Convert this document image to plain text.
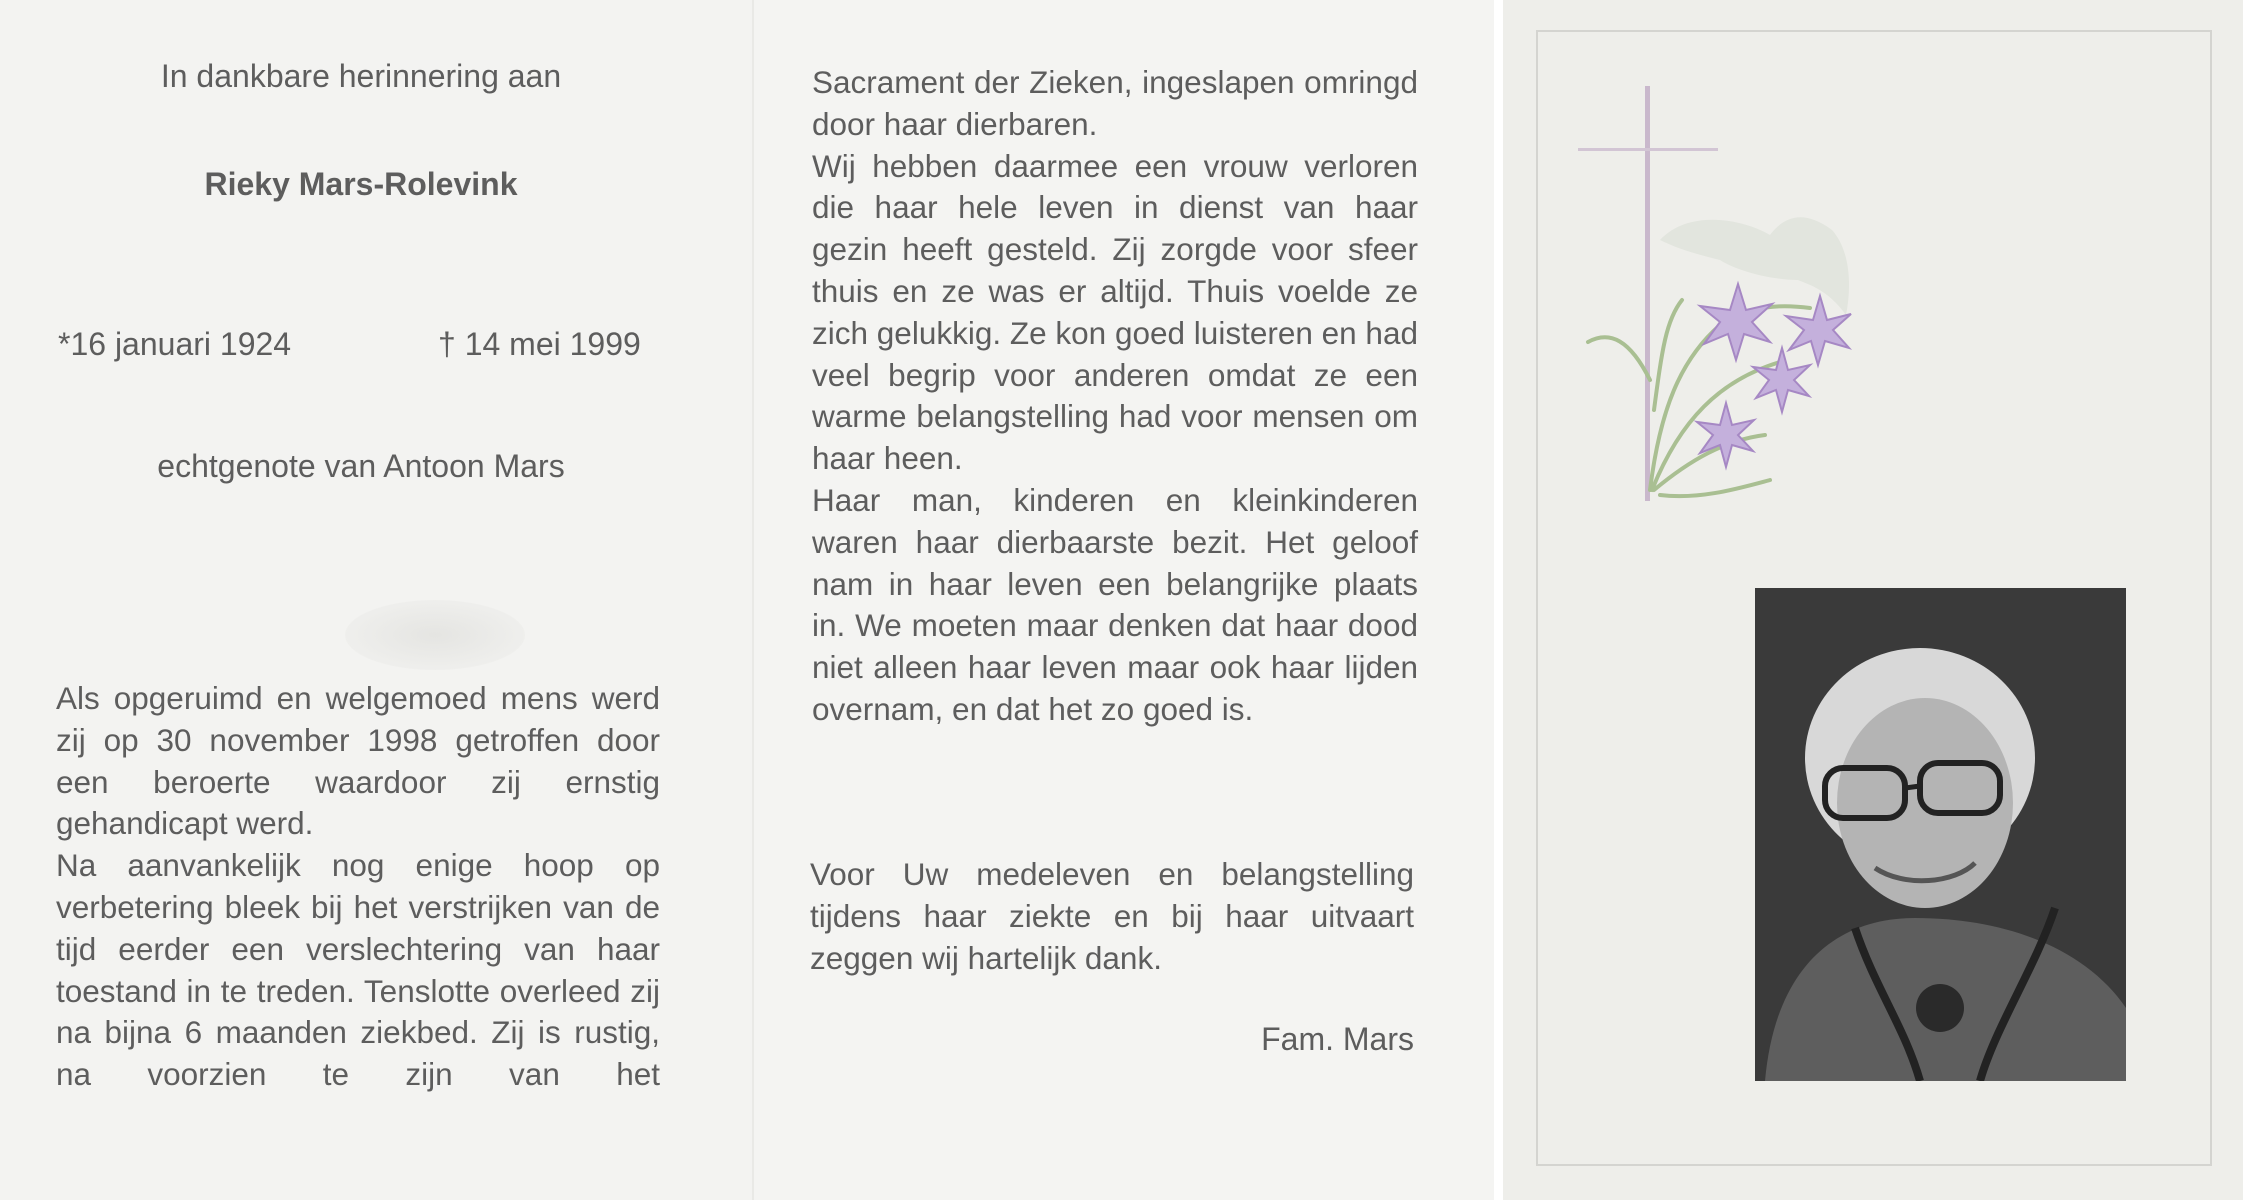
In dankbare herinnering aan
Rieky Mars-Rolevink
*16 januari 1924	† 14 mei 1999
echtgenote van Antoon Mars

Als opgeruimd en welgemoed mens werd zij op 30 november 1998 getroffen door een beroerte waardoor zij ernstig gehandicapt werd.

Na aanvankelijk nog enige hoop op verbetering bleek bij het verstrijken van de tijd eerder een verslechtering van haar toestand in te treden. Tenslotte overleed zij na bijna 6 maanden ziekbed. Zij is rustig, na voorzien te zijn van het

Sacrament der Zieken, ingeslapen omringd door haar dierbaren.

Wij hebben daarmee een vrouw verloren die haar hele leven in dienst van haar gezin heeft gesteld. Zij zorgde voor sfeer thuis en ze was er altijd. Thuis voelde ze zich gelukkig. Ze kon goed luisteren en had veel begrip voor anderen omdat ze een warme belangstelling had voor mensen om haar heen.

Haar man, kinderen en kleinkinderen waren haar dierbaarste bezit. Het geloof nam in haar leven een belangrijke plaats in. We moeten maar denken dat haar dood niet alleen haar leven maar ook haar lijden overnam, en dat het zo goed is.

Voor Uw medeleven en belangstelling tijdens haar ziekte en bij haar uitvaart zeggen wij hartelijk dank.

Fam. Mars
